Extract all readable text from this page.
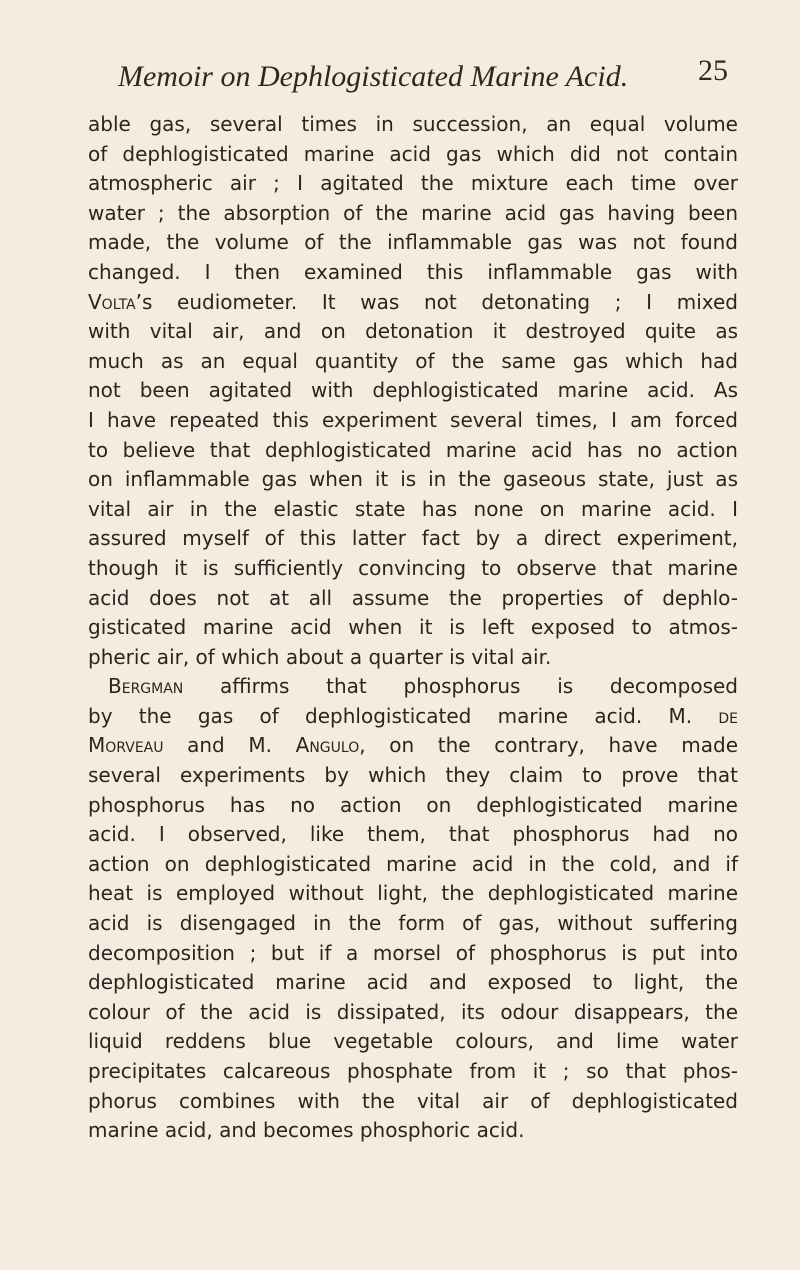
Memoir on Dephlogisticated Marine Acid. 25
able gas, several times in succession, an equal volume
of dephlogisticated marine acid gas which did not contain
atmospheric air ; I agitated the mixture each time over
water ; the absorption of the marine acid gas having been
made, the volume of the inflammable gas was not found
changed. I then examined this inflammable gas with
Volta’s eudiometer. It was not detonating ; I mixed
with vital air, and on detonation it destroyed quite as
much as an equal quantity of the same gas which had
not been agitated with dephlogisticated marine acid. As
I have repeated this experiment several times, I am forced
to believe that dephlogisticated marine acid has no action
on inflammable gas when it is in the gaseous state, just as
vital air in the elastic state has none on marine acid. I
assured myself of this latter fact by a direct experiment,
though it is sufficiently convincing to observe that marine
acid does not at all assume the properties of dephlo-
gisticated marine acid when it is left exposed to atmos-
pheric air, of which about a quarter is vital air.
Bergman affirms that phosphorus is decomposed
by the gas of dephlogisticated marine acid. M. de
Morveau and M. Angulo, on the contrary, have made
several experiments by which they claim to prove that
phosphorus has no action on dephlogisticated marine
acid. I observed, like them, that phosphorus had no
action on dephlogisticated marine acid in the cold, and if
heat is employed without light, the dephlogisticated marine
acid is disengaged in the form of gas, without suffering
decomposition ; but if a morsel of phosphorus is put into
dephlogisticated marine acid and exposed to light, the
colour of the acid is dissipated, its odour disappears, the
liquid reddens blue vegetable colours, and lime water
precipitates calcareous phosphate from it ; so that phos-
phorus combines with the vital air of dephlogisticated
marine acid, and becomes phosphoric acid.
